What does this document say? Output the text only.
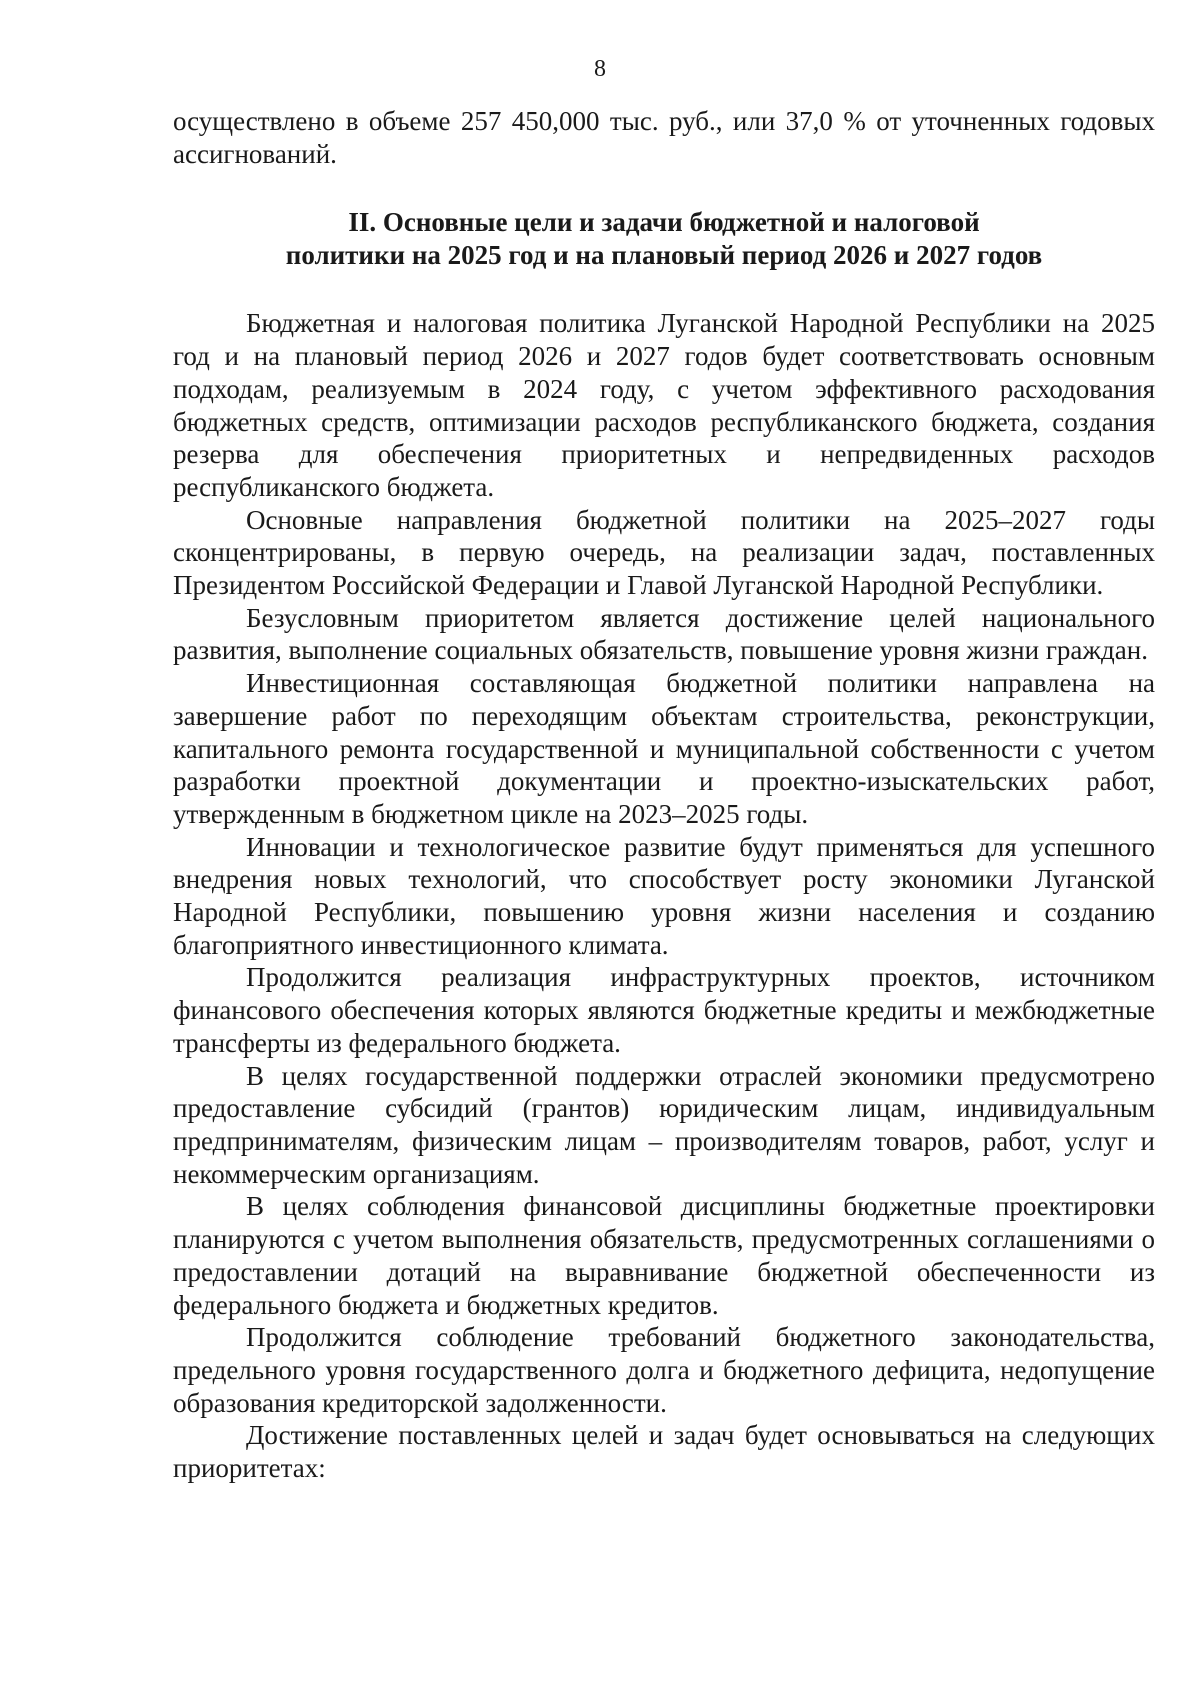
8

осуществлено в объеме 257 450,000 тыс. руб., или 37,0 % от уточненных годовых ассигнований.

II. Основные цели и задачи бюджетной и налоговой
политики на 2025 год и на плановый период 2026 и 2027 годов

Бюджетная и налоговая политика Луганской Народной Республики на 2025 год и на плановый период 2026 и 2027 годов будет соответствовать основным подходам, реализуемым в 2024 году, с учетом эффективного расходования бюджетных средств, оптимизации расходов республиканского бюджета, создания резерва для обеспечения приоритетных и непредвиденных расходов республиканского бюджета.

Основные направления бюджетной политики на 2025–2027 годы сконцентрированы, в первую очередь, на реализации задач, поставленных Президентом Российской Федерации и Главой Луганской Народной Республики.

Безусловным приоритетом является достижение целей национального развития, выполнение социальных обязательств, повышение уровня жизни граждан.

Инвестиционная составляющая бюджетной политики направлена на завершение работ по переходящим объектам строительства, реконструкции, капитального ремонта государственной и муниципальной собственности с учетом разработки проектной документации и проектно-изыскательских работ, утвержденным в бюджетном цикле на 2023–2025 годы.

Инновации и технологическое развитие будут применяться для успешного внедрения новых технологий, что способствует росту экономики Луганской Народной Республики, повышению уровня жизни населения и созданию благоприятного инвестиционного климата.

Продолжится реализация инфраструктурных проектов, источником финансового обеспечения которых являются бюджетные кредиты и межбюджетные трансферты из федерального бюджета.

В целях государственной поддержки отраслей экономики предусмотрено предоставление субсидий (грантов) юридическим лицам, индивидуальным предпринимателям, физическим лицам – производителям товаров, работ, услуг и некоммерческим организациям.

В целях соблюдения финансовой дисциплины бюджетные проектировки планируются с учетом выполнения обязательств, предусмотренных соглашениями о предоставлении дотаций на выравнивание бюджетной обеспеченности из федерального бюджета и бюджетных кредитов.

Продолжится соблюдение требований бюджетного законодательства, предельного уровня государственного долга и бюджетного дефицита, недопущение образования кредиторской задолженности.

Достижение поставленных целей и задач будет основываться на следующих приоритетах:
